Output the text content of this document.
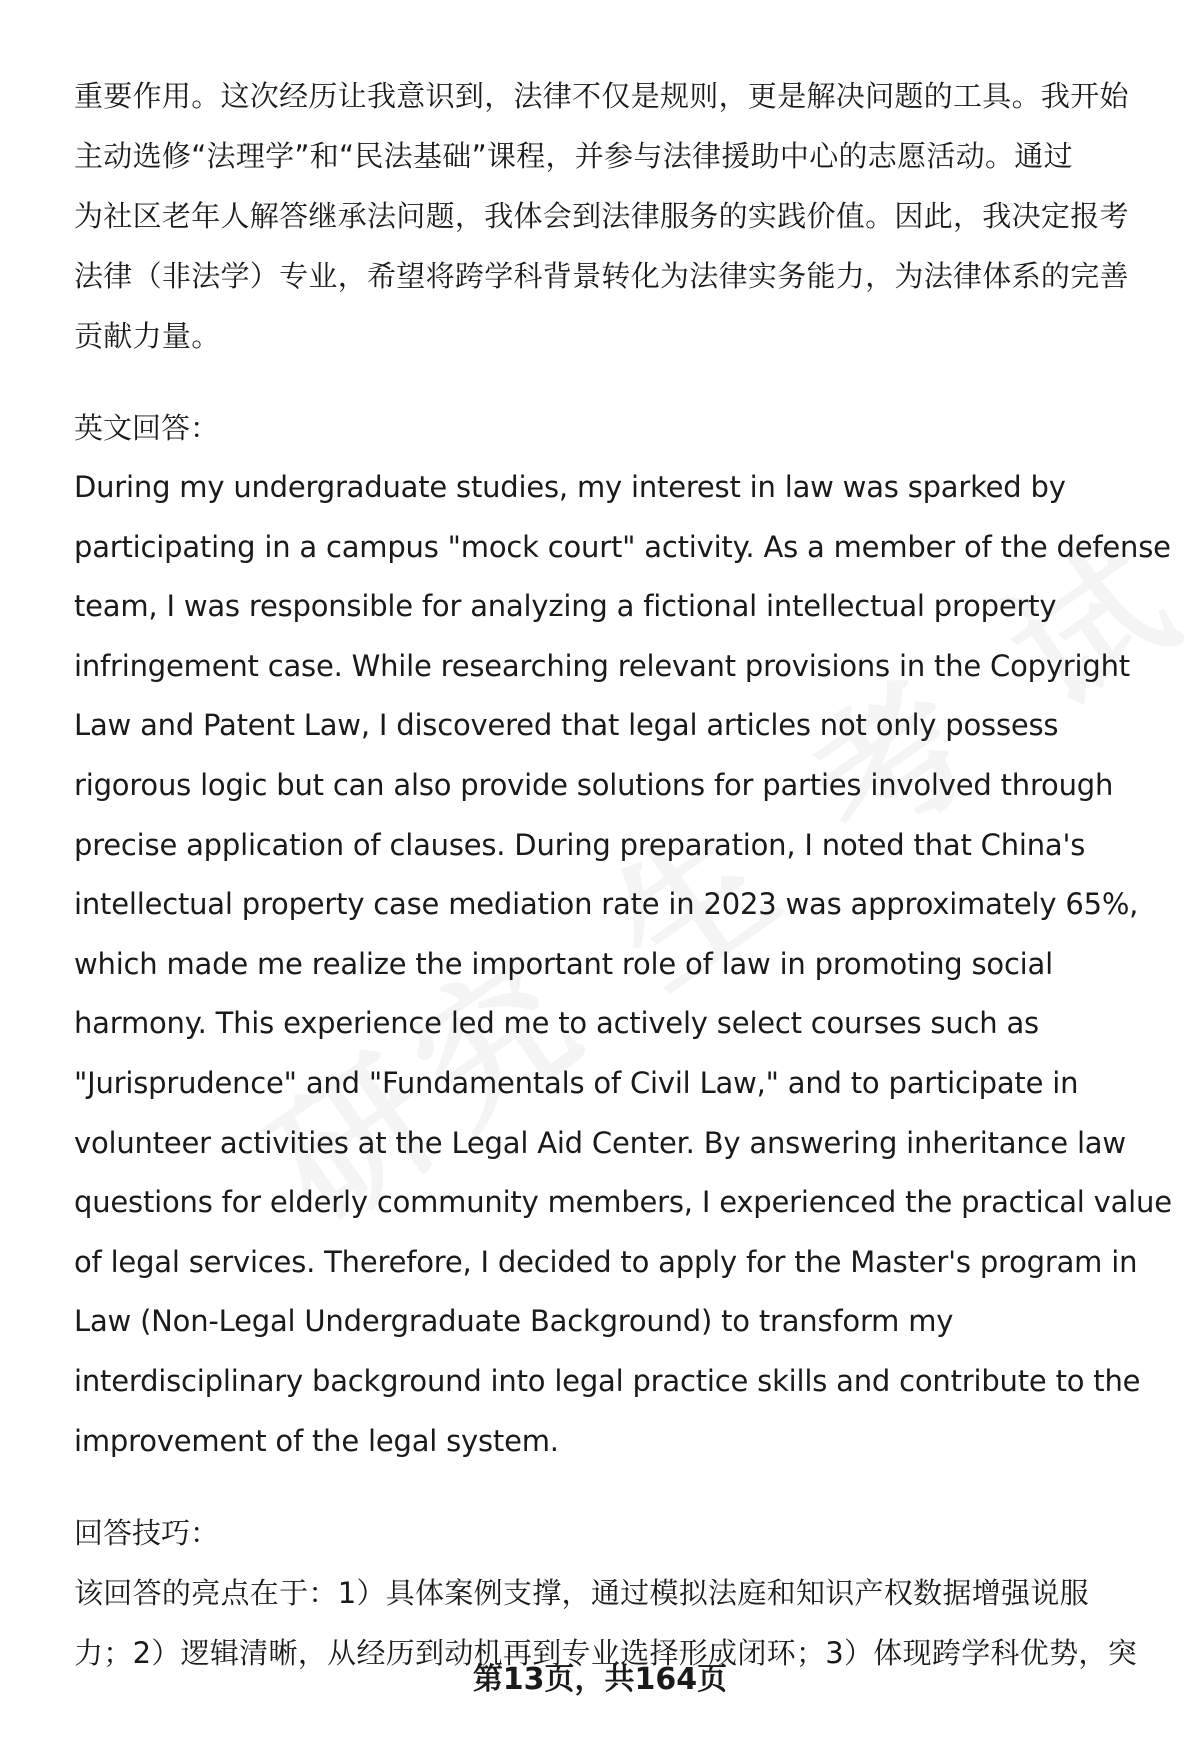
重要作用。这次经历让我意识到，法律不仅是规则，更是解决问题的工具。我开始

主动选修“法理学”和“民法基础”课程，并参与法律援助中心的志愿活动。通过

为社区老年人解答继承法问题，我体会到法律服务的实践价值。因此，我决定报考

法律（非法学）专业，希望将跨学科背景转化为法律实务能力，为法律体系的完善

贡献力量。

英文回答：

During my undergraduate studies, my interest in law was sparked by

participating in a campus "mock court" activity. As a member of the defense

team, I was responsible for analyzing a fictional intellectual property

infringement case. While researching relevant provisions in the Copyright

Law and Patent Law, I discovered that legal articles not only possess

rigorous logic but can also provide solutions for parties involved through

precise application of clauses. During preparation, I noted that China's

intellectual property case mediation rate in 2023 was approximately 65%,

which made me realize the important role of law in promoting social

harmony. This experience led me to actively select courses such as

"Jurisprudence" and "Fundamentals of Civil Law," and to participate in

volunteer activities at the Legal Aid Center. By answering inheritance law

questions for elderly community members, I experienced the practical value

of legal services. Therefore, I decided to apply for the Master's program in

Law (Non-Legal Undergraduate Background) to transform my

interdisciplinary background into legal practice skills and contribute to the

improvement of the legal system.

回答技巧：

该回答的亮点在于：1）具体案例支撑，通过模拟法庭和知识产权数据增强说服

力；2）逻辑清晰，从经历到动机再到专业选择形成闭环；3）体现跨学科优势，突

第13页，共164页
